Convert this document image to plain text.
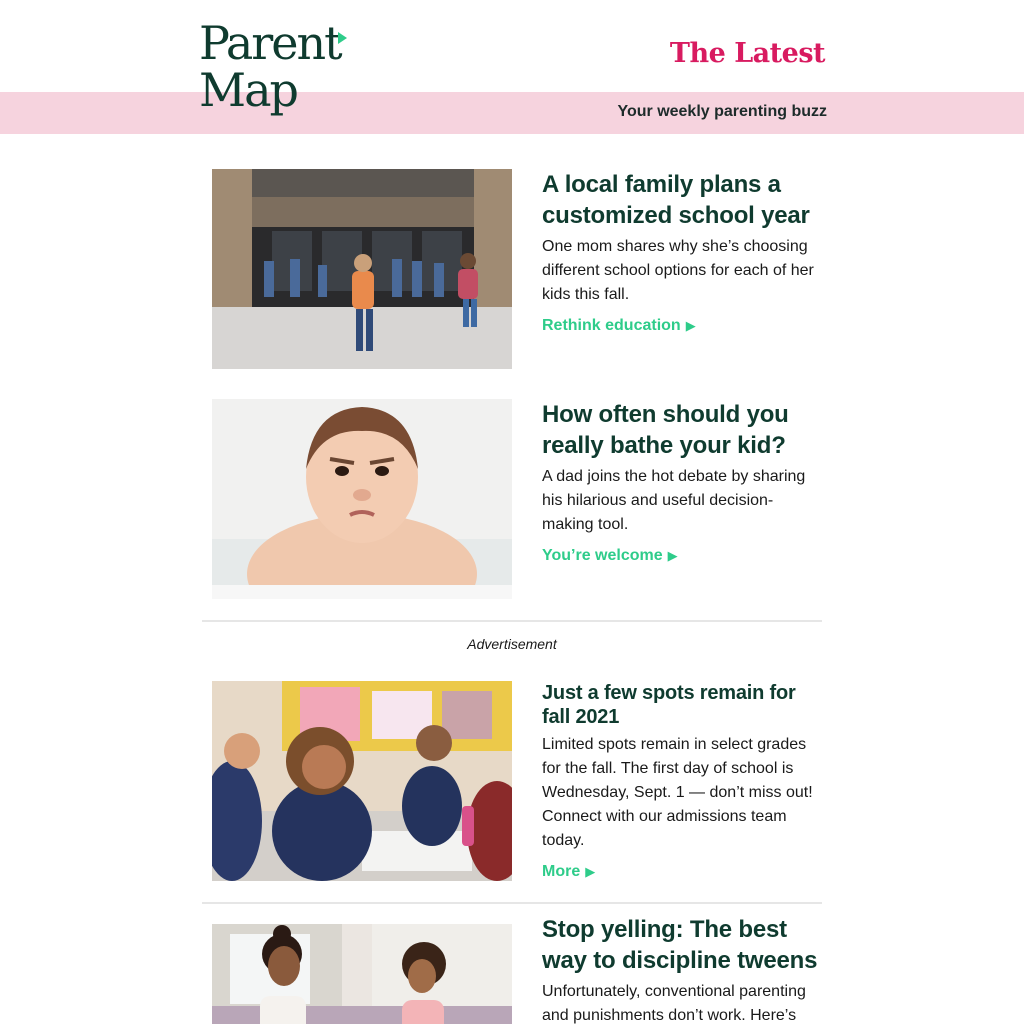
Parent
Map
The Latest
Your weekly parenting buzz
A local family plans a customized school year

One mom shares why she’s choosing different school options for each of her kids this fall.

Rethink education ▶
How often should you really bathe your kid?

A dad joins the hot debate by sharing his hilarious and useful decision-making tool.

You’re welcome ▶
Advertisement
Just a few spots remain for fall 2021

Limited spots remain in select grades for the fall. The first day of school is Wednesday, Sept. 1 — don’t miss out! Connect with our admissions team today.

More ▶
Stop yelling: The best way to discipline tweens

Unfortunately, conventional parenting and punishments don’t work. Here’s
